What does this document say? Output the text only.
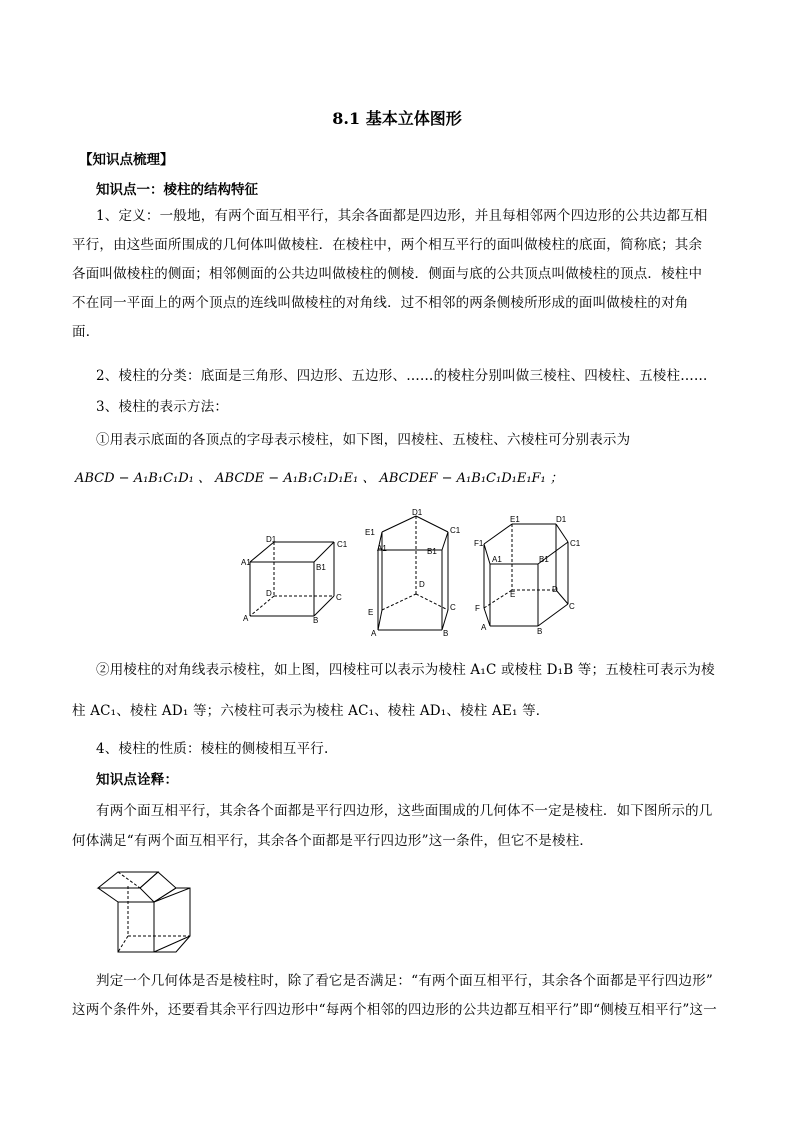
8.1 基本立体图形
【知识点梳理】
知识点一：棱柱的结构特征
1、定义：一般地，有两个面互相平行，其余各面都是四边形，并且每相邻两个四边形的公共边都互相
平行，由这些面所围成的几何体叫做棱柱．在棱柱中，两个相互平行的面叫做棱柱的底面，简称底；其余
各面叫做棱柱的侧面；相邻侧面的公共边叫做棱柱的侧棱．侧面与底的公共顶点叫做棱柱的顶点．棱柱中
不在同一平面上的两个顶点的连线叫做棱柱的对角线．过不相邻的两条侧棱所形成的面叫做棱柱的对角
面．
2、棱柱的分类：底面是三角形、四边形、五边形、……的棱柱分别叫做三棱柱、四棱柱、五棱柱……
3、棱柱的表示方法：
①用表示底面的各顶点的字母表示棱柱，如下图，四棱柱、五棱柱、六棱柱可分别表示为
ABCD − A₁B₁C₁D₁ 、 ABCDE − A₁B₁C₁D₁E₁ 、 ABCDEF − A₁B₁C₁D₁E₁F₁ ；
D1
C1
A1
B1
D	C
A	B
D1
E1	C1
A1	B1
D
E
C
A	B
E1	D1
F1	C1
A1	B1
E
D
F	C
A	B
②用棱柱的对角线表示棱柱，如上图，四棱柱可以表示为棱柱 A₁C 或棱柱 D₁B 等；五棱柱可表示为棱
柱 AC₁、棱柱 AD₁ 等；六棱柱可表示为棱柱 AC₁、棱柱 AD₁、棱柱 AE₁ 等．
4、棱柱的性质：棱柱的侧棱相互平行.
知识点诠释：
有两个面互相平行，其余各个面都是平行四边形，这些面围成的几何体不一定是棱柱．如下图所示的几
何体满足“有两个面互相平行，其余各个面都是平行四边形”这一条件，但它不是棱柱．
判定一个几何体是否是棱柱时，除了看它是否满足：“有两个面互相平行，其余各个面都是平行四边形”
这两个条件外，还要看其余平行四边形中“每两个相邻的四边形的公共边都互相平行”即“侧棱互相平行”这一
